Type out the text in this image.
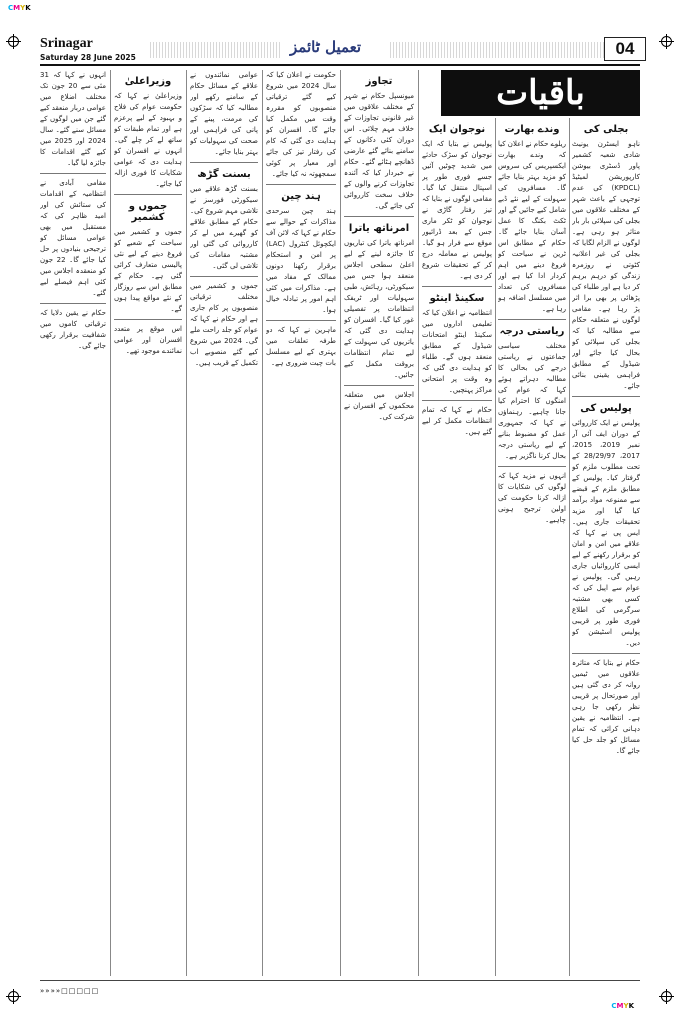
CMYK
CMYK
Srinagar
Saturday 28 June 2025
تعمیل ٹائمز	04
باقیات
بجلی کی
ناہو ایسٹرن یونیٹ شادی شعبہ کشمیر پاور ڈسٹری بیوشن کارپوریشن لمیٹیڈ (KPDCL) کی عدم توجہی کے باعث شہر کے مختلف علاقوں میں بجلی کی سپلائی بار بار متاثر ہو رہی ہے۔ لوگوں نے الزام لگایا کہ بجلی کی غیر اعلانیہ کٹوتی نے روزمرہ زندگی کو درہم برہم کر دیا ہے اور طلباء کی پڑھائی پر بھی برا اثر پڑ رہا ہے۔ مقامی لوگوں نے متعلقہ حکام سے مطالبہ کیا کہ بجلی کی سپلائی کو بحال کیا جائے اور شیڈول کے مطابق فراہمی یقینی بنائی جائے۔
پولیس کی
پولیس نے ایک کارروائی کے دوران ایف آئی آر نمبر 2019، 2015، 2017، 28/29/97 کے تحت مطلوب ملزم کو گرفتار کیا۔ پولیس کے مطابق ملزم کے قبضے سے ممنوعہ مواد برآمد کیا گیا اور مزید تحقیقات جاری ہیں۔ ایس پی نے کہا کہ علاقے میں امن و امان کو برقرار رکھنے کے لیے ایسی کارروائیاں جاری رہیں گی۔ پولیس نے عوام سے اپیل کی کہ کسی بھی مشتبہ سرگرمی کی اطلاع فوری طور پر قریبی پولیس اسٹیشن کو دیں۔
حکام نے بتایا کہ متاثرہ علاقوں میں ٹیمیں روانہ کر دی گئی ہیں اور صورتحال پر قریبی نظر رکھی جا رہی ہے۔ انتظامیہ نے یقین دہانی کرائی کہ تمام مسائل کو جلد حل کیا جائے گا۔
وندے بھارت
ریلوے حکام نے اعلان کیا کہ وندے بھارت ایکسپریس کی سروس کو مزید بہتر بنایا جائے گا۔ مسافروں کی سہولت کے لیے نئے ڈبے شامل کیے جائیں گے اور ٹکٹ بکنگ کا عمل آسان بنایا جائے گا۔ حکام کے مطابق اس ٹرین نے سیاحت کو فروغ دینے میں اہم کردار ادا کیا ہے اور مسافروں کی تعداد میں مسلسل اضافہ ہو رہا ہے۔
ریاستی درجہ
مختلف سیاسی جماعتوں نے ریاستی درجے کی بحالی کا مطالبہ دہراتے ہوئے کہا کہ عوام کی امنگوں کا احترام کیا جانا چاہیے۔ رہنماؤں نے کہا کہ جمہوری عمل کو مضبوط بنانے کے لیے ریاستی درجہ بحال کرنا ناگزیر ہے۔
انہوں نے مزید کہا کہ لوگوں کی شکایات کا ازالہ کرنا حکومت کی اولین ترجیح ہونی چاہیے۔
نوجوان ایک
پولیس نے بتایا کہ ایک نوجوان کو سڑک حادثے میں شدید چوٹیں آئیں جسے فوری طور پر اسپتال منتقل کیا گیا۔ مقامی لوگوں نے بتایا کہ تیز رفتار گاڑی نے نوجوان کو ٹکر ماری جس کے بعد ڈرائیور موقع سے فرار ہو گیا۔ پولیس نے معاملہ درج کر کے تحقیقات شروع کر دی ہے۔
سکینڈ اینٹو
انتظامیہ نے اعلان کیا کہ تعلیمی اداروں میں سکینڈ اینٹو امتحانات شیڈول کے مطابق منعقد ہوں گے۔ طلباء کو ہدایت دی گئی کہ وہ وقت پر امتحانی مراکز پہنچیں۔
حکام نے کہا کہ تمام انتظامات مکمل کر لیے گئے ہیں۔
تجاوز
میونسپل حکام نے شہر کے مختلف علاقوں میں غیر قانونی تجاوزات کے خلاف مہم چلائی۔ اس دوران کئی دکانوں کے سامنے بنائے گئے عارضی ڈھانچے ہٹائے گئے۔ حکام نے خبردار کیا کہ آئندہ تجاوزات کرنے والوں کے خلاف سخت کارروائی کی جائے گی۔
امرناتھ یاترا
امرناتھ یاترا کی تیاریوں کا جائزہ لینے کے لیے اعلیٰ سطحی اجلاس منعقد ہوا جس میں سیکورٹی، رہائش، طبی سہولیات اور ٹریفک انتظامات پر تفصیلی غور کیا گیا۔ افسران کو ہدایت دی گئی کہ یاتریوں کی سہولت کے لیے تمام انتظامات بروقت مکمل کیے جائیں۔
اجلاس میں متعلقہ محکموں کے افسران نے شرکت کی۔
حکومت نے اعلان کیا کہ سال 2024 میں شروع کیے گئے ترقیاتی منصوبوں کو مقررہ وقت میں مکمل کیا جائے گا۔ افسران کو ہدایت دی گئی کہ کام کی رفتار تیز کی جائے اور معیار پر کوئی سمجھوتہ نہ کیا جائے۔
ہند چین
ہند چین سرحدی مذاکرات کے حوالے سے حکام نے کہا کہ لائن آف ایکچوئل کنٹرول (LAC) پر امن و استحکام برقرار رکھنا دونوں ممالک کے مفاد میں ہے۔ مذاکرات میں کئی اہم امور پر تبادلہ خیال ہوا۔
ماہرین نے کہا کہ دو طرفہ تعلقات میں بہتری کے لیے مسلسل بات چیت ضروری ہے۔
عوامی نمائندوں نے علاقے کے مسائل حکام کے سامنے رکھے اور مطالبہ کیا کہ سڑکوں کی مرمت، پینے کے پانی کی فراہمی اور صحت کی سہولیات کو بہتر بنایا جائے۔
بسنت گڑھ
بسنت گڑھ علاقے میں سیکورٹی فورسز نے تلاشی مہم شروع کی۔ حکام کے مطابق علاقے کو گھیرے میں لے کر کارروائی کی گئی اور مشتبہ مقامات کی تلاشی لی گئی۔
جموں و کشمیر میں مختلف ترقیاتی منصوبوں پر کام جاری ہے اور حکام نے کہا کہ عوام کو جلد راحت ملے گی۔ 2024 میں شروع کیے گئے منصوبے اب تکمیل کے قریب ہیں۔
وزیراعلیٰ
وزیراعلیٰ نے کہا کہ حکومت عوام کی فلاح و بہبود کے لیے پرعزم ہے اور تمام طبقات کو ساتھ لے کر چلے گی۔ انہوں نے افسران کو ہدایت دی کہ عوامی شکایات کا فوری ازالہ کیا جائے۔
جموں و کشمیر
جموں و کشمیر میں سیاحت کے شعبے کو فروغ دینے کے لیے نئی پالیسی متعارف کرائی گئی ہے۔ حکام کے مطابق اس سے روزگار کے نئے مواقع پیدا ہوں گے۔
اس موقع پر متعدد افسران اور عوامی نمائندے موجود تھے۔
انہوں نے کہا کہ 31 مئی سے 20 جون تک مختلف اضلاع میں عوامی دربار منعقد کیے گئے جن میں لوگوں کے مسائل سنے گئے۔ سال 2024 اور 2025 میں کیے گئے اقدامات کا جائزہ لیا گیا۔
مقامی آبادی نے انتظامیہ کے اقدامات کی ستائش کی اور امید ظاہر کی کہ مستقبل میں بھی عوامی مسائل کو ترجیحی بنیادوں پر حل کیا جائے گا۔ 22 جون کو منعقدہ اجلاس میں کئی اہم فیصلے لیے گئے۔
حکام نے یقین دلایا کہ ترقیاتی کاموں میں شفافیت برقرار رکھی جائے گی۔
»»»»□□□□□
